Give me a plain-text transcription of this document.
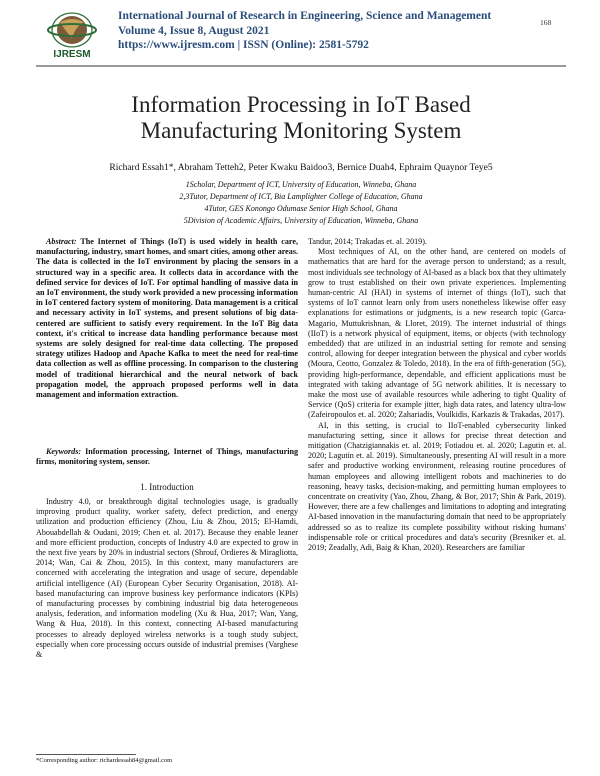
IJRESM
International Journal of Research in Engineering, Science and Management
Volume 4, Issue 8, August 2021
https://www.ijresm.com | ISSN (Online): 2581-5792
168
Information Processing in IoT Based
Manufacturing Monitoring System
Richard Essah1*, Abraham Tetteh2, Peter Kwaku Baidoo3, Bernice Duah4, Ephraim Quaynor Teye5
1Scholar, Department of ICT, University of Education, Winneba, Ghana
2,3Tutor, Department of ICT, Bia Lamplighter College of Education, Ghana
4Tutor, GES Konongo Odumase Senior High School, Ghana
5Division of Academic Affairs, University of Education, Winneba, Ghana

Abstract: The Internet of Things (IoT) is used widely in health care, manufacturing, industry, smart homes, and smart cities, among other areas. The data is collected in the IoT environment by placing the sensors in a structured way in a specific area. It collects data in accordance with the defined service for devices of IoT. For optimal handling of massive data in an IoT environment, the study work provided a new processing information in IoT centered factory system of monitoring. Data management is a critical and necessary activity in IoT systems, and present solutions of big data-centered are sufficient to satisfy every requirement. In the IoT Big data context, it's critical to increase data handling performance because most systems are solely designed for real-time data collecting. The proposed strategy utilizes Hadoop and Apache Kafka to meet the need for real-time data collection as well as offline processing. In comparison to the clustering model of traditional hierarchical and the neural network of back propagation model, the approach proposed performs well in data management and information extraction.

Keywords: Information processing, Internet of Things, manufacturing firms, monitoring system, sensor.

1. Introduction

Industry 4.0, or breakthrough digital technologies usage, is gradually improving product quality, worker safety, defect prediction, and energy utilization and production efficiency (Zhou, Liu & Zhou, 2015; El-Hamdi, Abouabdellah & Oudani, 2019; Chen et. al. 2017). Because they enable leaner and more efficient production, concepts of Industry 4.0 are expected to grow in the next five years by 20% in industrial sectors (Shrouf, Ordieres & Miragliotta, 2014; Wan, Cai & Zhou, 2015). In this context, many manufacturers are concerned with accelerating the integration and usage of secure, dependable artificial intelligence (AI) (European Cyber Security Organisation, 2018). AI-based manufacturing can improve business key performance indicators (KPIs) of manufacturing processes by combining industrial big data heterogeneous analysis, federation, and information modeling (Xu & Hua, 2017; Wan, Yang, Wang & Hua, 2018). In this context, connecting AI-based manufacturing processes to already deployed wireless networks is a tough study subject, especially when core processing occurs outside of industrial premises (Varghese &

Tandur, 2014; Trakadas et. al. 2019).

Most techniques of AI, on the other hand, are centered on models of mathematics that are hard for the average person to understand; as a result, most individuals see technology of AI-based as a black box that they ultimately grow to trust established on their own private experiences. Implementing human-centric AI (HAI) in systems of internet of things (IoT), such that systems of IoT cannot learn only from users nonetheless likewise offer easy explanations for estimations or judgments, is a new research topic (Garca-Magario, Muttukrishnan, & Lloret, 2019). The internet industrial of things (IIoT) is a network physical of equipment, items, or objects (with technology embedded) that are utilized in an industrial setting for remote and sensing control, allowing for deeper integration between the physical and cyber worlds (Moura, Ceotto, Gonzalez & Toledo, 2018). In the era of fifth-generation (5G), providing high-performance, dependable, and efficient applications must be integrated with taking advantage of 5G network abilities. It is necessary to make the most use of available resources while adhering to tight Quality of Service (QoS) criteria for example jitter, high data rates, and latency ultra-low (Zafeiropoulos et. al. 2020; Zahariadis, Voulkidis, Karkazis & Trakadas, 2017).

AI, in this setting, is crucial to IIoT-enabled cybersecurity linked manufacturing setting, since it allows for precise threat detection and mitigation (Chatzigiannakis et. al. 2019; Fotiadou et. al. 2020; Lagutin et. al. 2020; Lagutin et. al. 2019). Simultaneously, presenting AI will result in a more safer and productive working environment, releasing routine procedures of human employees and allowing intelligent robots and machineries to do reasoning, heavy tasks, decision-making, and permitting human employees to concentrate on creativity (Yao, Zhou, Zhang, & Bor, 2017; Shin & Park, 2019). However, there are a few challenges and limitations to adopting and integrating AI-based innovation in the manufacturing domain that need to be appropriately addressed so as to realize its complete possibility without risking humans' indispensable role or critical procedures and data's security (Bresniker et. al. 2019; Zeadally, Adi, Baig & Khan, 2020). Researchers are familiar

*Corresponding author: richardessah84@gmail.com
